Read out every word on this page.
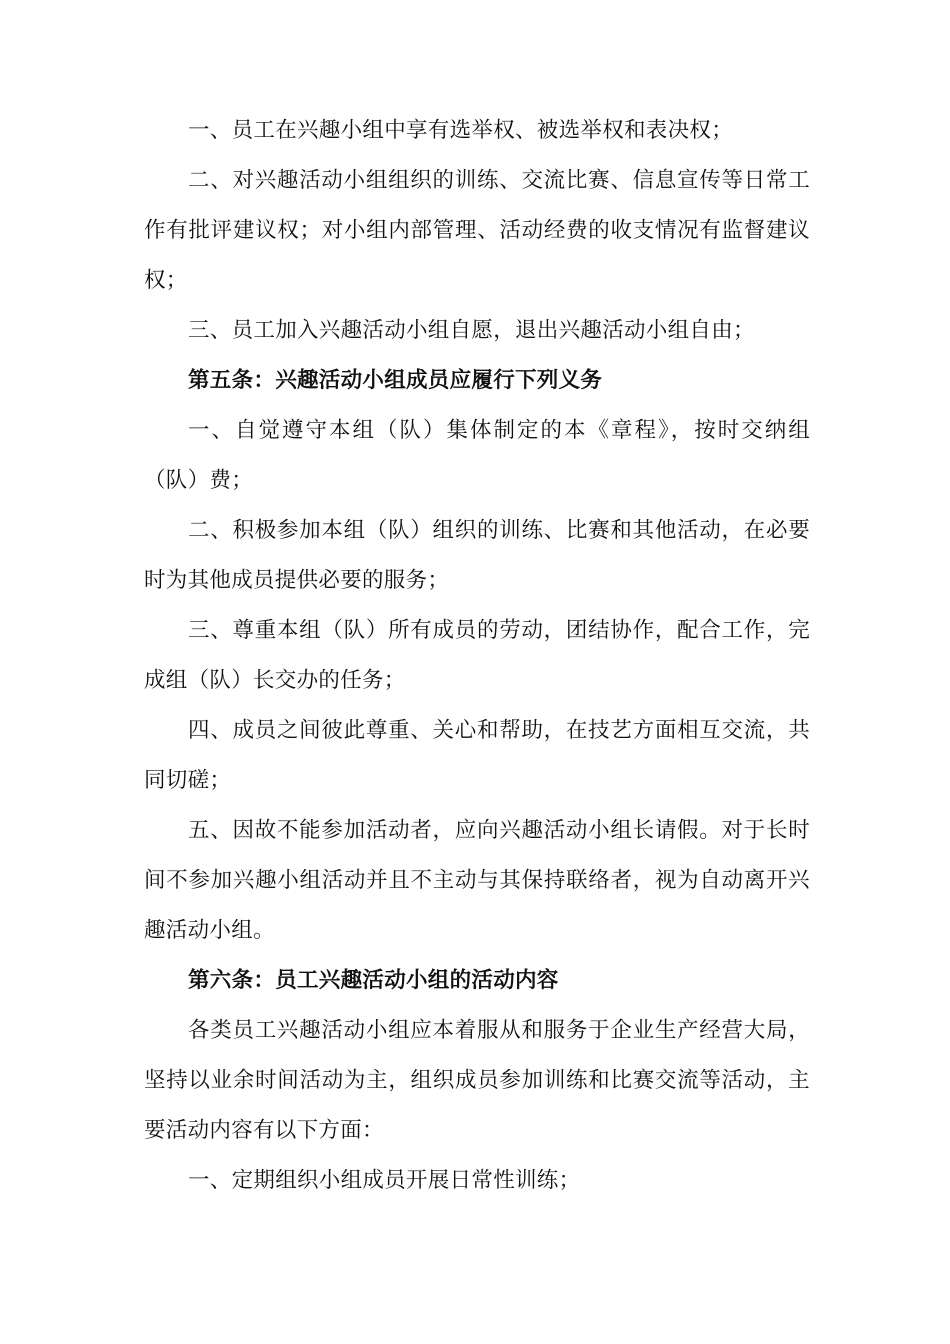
一、员工在兴趣小组中享有选举权、被选举权和表决权；

二、对兴趣活动小组组织的训练、交流比赛、信息宣传等日常工作有批评建议权；对小组内部管理、活动经费的收支情况有监督建议权；

三、员工加入兴趣活动小组自愿，退出兴趣活动小组自由；

第五条：兴趣活动小组成员应履行下列义务

一、自觉遵守本组（队）集体制定的本《章程》，按时交纳组（队）费；

二、积极参加本组（队）组织的训练、比赛和其他活动，在必要时为其他成员提供必要的服务；

三、尊重本组（队）所有成员的劳动，团结协作，配合工作，完成组（队）长交办的任务；

四、成员之间彼此尊重、关心和帮助，在技艺方面相互交流，共同切磋；

五、因故不能参加活动者，应向兴趣活动小组长请假。对于长时间不参加兴趣小组活动并且不主动与其保持联络者，视为自动离开兴趣活动小组。

第六条：员工兴趣活动小组的活动内容

各类员工兴趣活动小组应本着服从和服务于企业生产经营大局，坚持以业余时间活动为主，组织成员参加训练和比赛交流等活动，主要活动内容有以下方面：

一、定期组织小组成员开展日常性训练；
